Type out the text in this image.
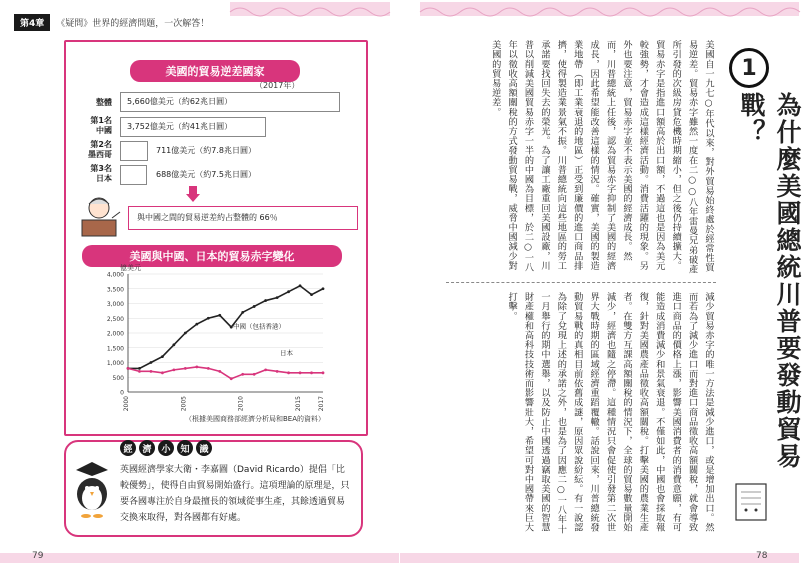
第4章	《疑問》世界的經濟問題，一次解答！
美國的貿易逆差國家
（2017年）
整體	5,660億美元（約62兆日圓）
第1名
中國	3,752億美元（約41兆日圓）
第2名
墨西哥	711億美元（約7.8兆日圓）
第3名
日本	688億美元（約7.5兆日圓）
與中國之間的貿易逆差約占整體的 66％
美國與中國、日本的貿易赤字變化
億美元
0
500
1,000
1,500
2,000
2,500
3,000
3,500
4,000
2000	2005	2010	2015	2017
中國（包括香港）
日本
（根據美國商務部經濟分析局和BEA的資料）
經	濟	小	知	識
英國經濟學家大衛・李嘉圖（David Ricardo）提倡「比較優勢」，使得自由貿易開始盛行。這項理論的原理是，只要各國專注於自身最擅長的領域從事生產，其餘透過貿易交換來取得，對各國都有好處。
1
為什麼美國總統川普要發動貿易戰？
美國自一九七○年代以來，對外貿易始終處於經常性貿易逆差。貿易赤字雖然一度在二○○八年雷曼兄弟破產所引發的次級房貸危機時期縮小，但之後仍持續擴大。貿易赤字是指進口額高於出口額，不過這也是因為美元較強勢，才會造成這樣經濟活動。消費活躍的現象。另外也要注意，貿易赤字並不表示美國的經濟成長。然而，川普總統上任後，認為貿易赤字抑制了美國的經濟成長，因此希望能改善這樣的情況。確實，美國的製造業地帶（即工業衰退的地區）正受到廉價的進口商品排擠，使得製造業景氣不振。川普總統向這些地區的勞工承諾要找回失去的榮光。為了讓工廠重回美國設廠，川普以削減美國貿易赤字一半的中國為目標，於二○一八年以徵收高額關稅的方式發動貿易戰，威脅中國減少對美國的貿易逆差。
減少貿易赤字的唯一方法是減少進口，或是增加出口。然而若為了減少進口而對進口商品徵收高額關稅，就會導致進口商品的價格上漲，影響美國消費者的消費意願，有可能造成消費減少和景氣衰退。不僅如此，中國也會採取報復，針對美國農產品徵收高額關稅。打擊美國的農業生產者。在雙方互課高額關稅的情況下，全球的貿易數量開始減少，經濟也隨之停滯。這種情況只會促使引發第二次世界大戰時期的區域經濟重蹈覆轍。話說回來，川普總統發動貿易戰的真相目前依舊成謎，原因眾說紛紜。有一說認為除了兌現上述的承諾之外，也是為了因應二○一八年十一月舉行的期中選舉，以及防止中國透過竊取美國的智慧財產權和高科技技術而影響壯大，希望可對中國帶來巨大打擊。
79	78
